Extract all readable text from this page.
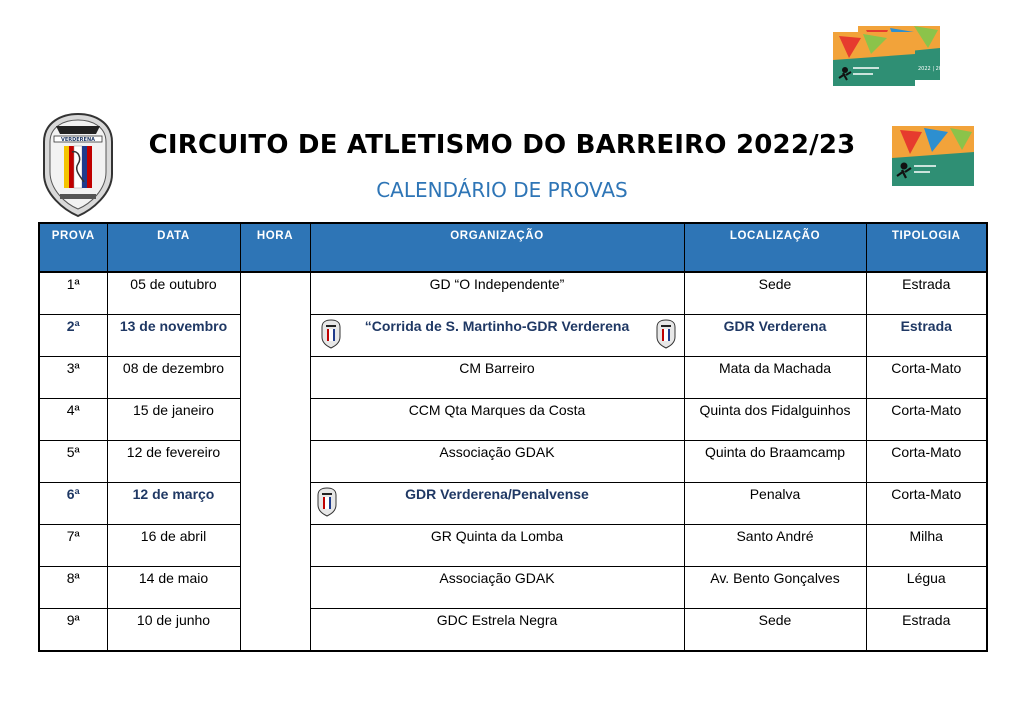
VERDERENA
2022 | 2023
CIRCUITO DE ATLETISMO DO BARREIRO 2022/23
CALENDÁRIO DE PROVAS
PROVA	DATA	HORA	ORGANIZAÇÃO	LOCALIZAÇÃO	TIPOLOGIA
1ª	05 de outubro		GD “O Independente”	Sede	Estrada
2ª	13 de novembro		“Corrida de S. Martinho-GDR Verderena	GDR Verderena	Estrada
3ª	08 de dezembro		CM Barreiro	Mata da Machada	Corta-Mato
4ª	15 de janeiro		CCM Qta Marques da Costa	Quinta dos Fidalguinhos	Corta-Mato
5ª	12 de fevereiro		Associação GDAK	Quinta do Braamcamp	Corta-Mato
6ª	12 de março		GDR Verderena/Penalvense	Penalva	Corta-Mato
7ª	16 de abril		GR Quinta da Lomba	Santo André	Milha
8ª	14 de maio		Associação GDAK	Av. Bento Gonçalves	Légua
9ª	10 de junho		GDC Estrela Negra	Sede	Estrada
